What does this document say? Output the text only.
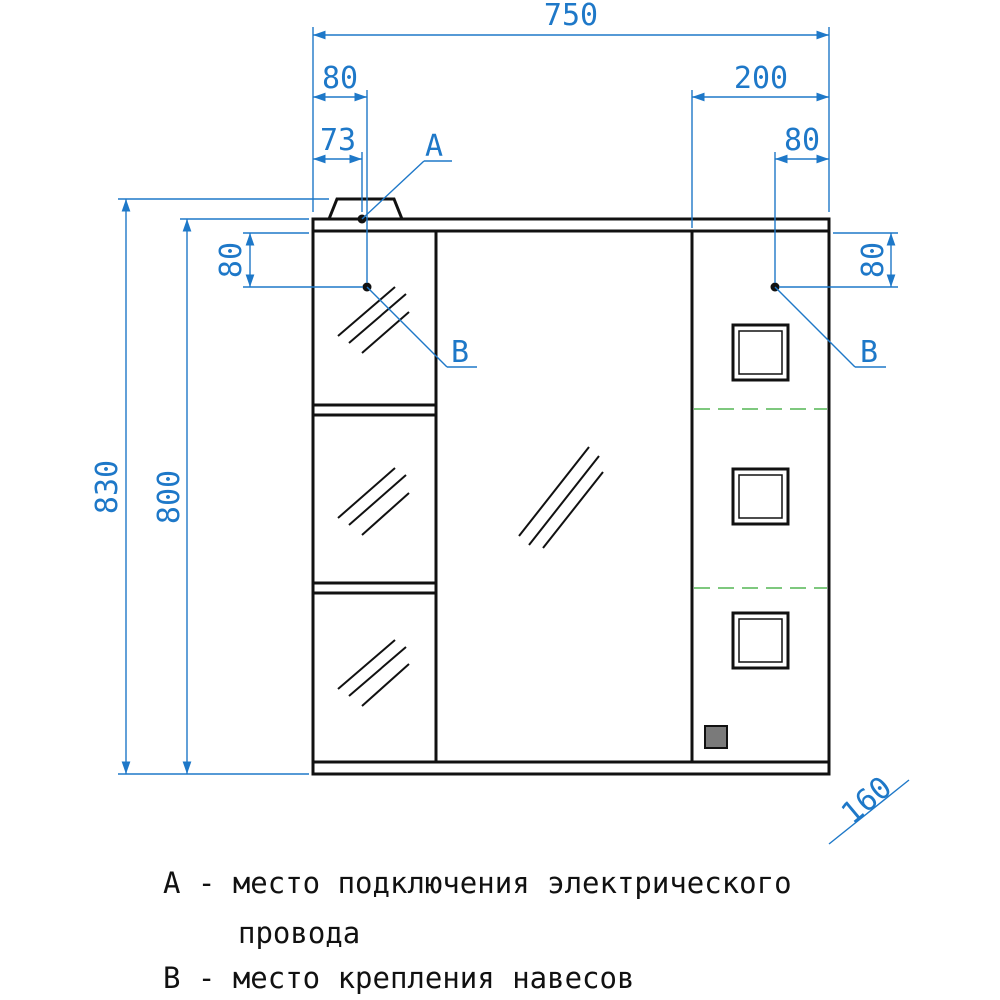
A
B	B
750
80
73
200
80
80	80
830 800
160
A - место подключения электрического
провода
B - место крепления навесов
